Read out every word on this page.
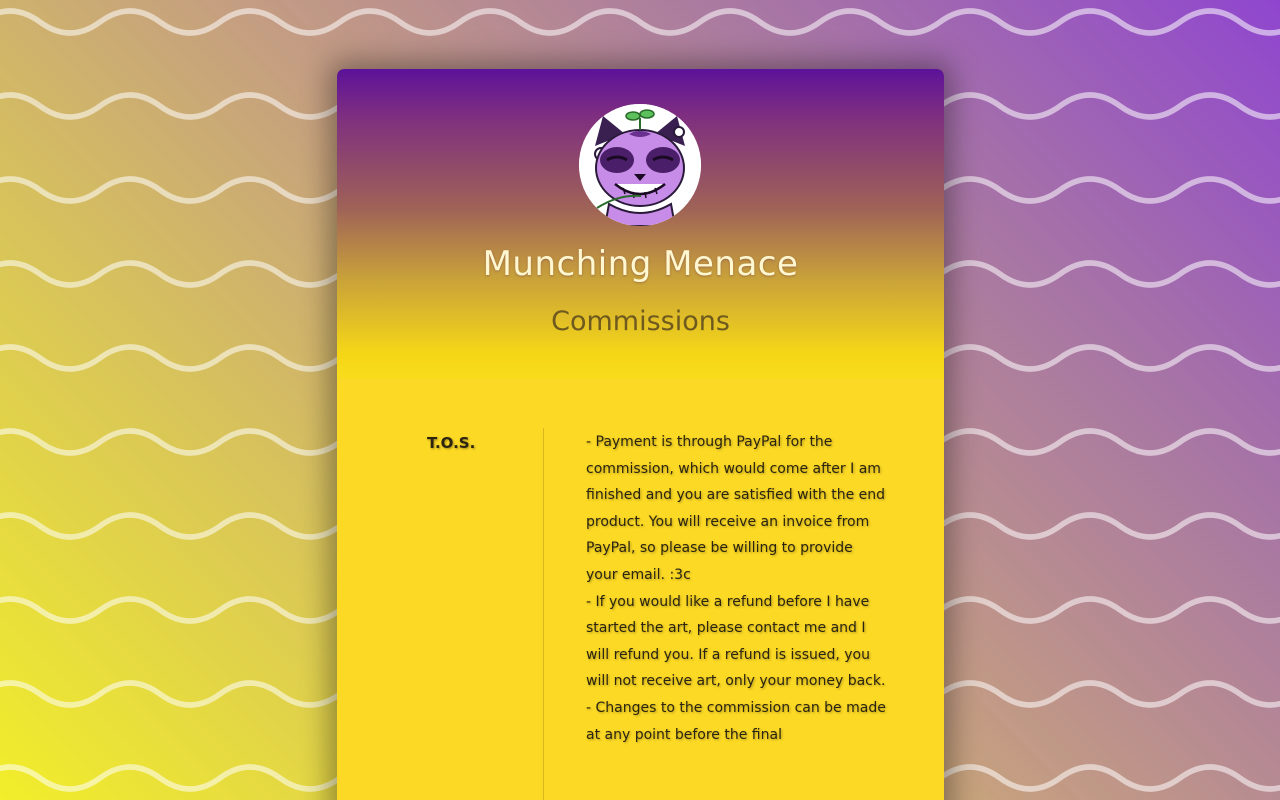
Munching Menace
Commissions
T.O.S.	- Payment is through PayPal for the commission, which would come after I am finished and you are satisfied with the end product. You will receive an invoice from PayPal, so please be willing to provide your email. :3c

- If you would like a refund before I have started the art, please contact me and I will refund you. If a refund is issued, you will not receive art, only your money back.

- Changes to the commission can be made at any point before the final
